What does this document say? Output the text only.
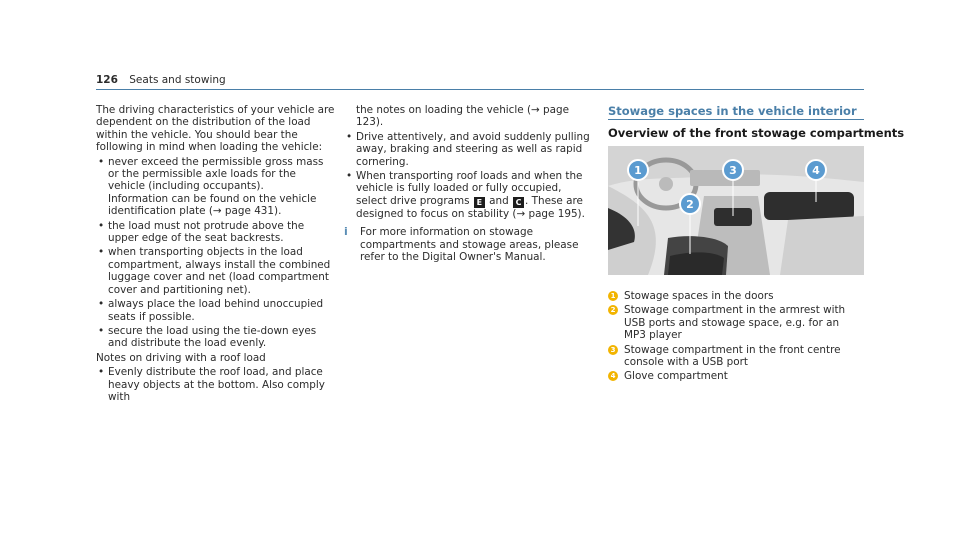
126 Seats and stowing

The driving characteristics of your vehicle are dependent on the distribution of the load within the vehicle. You should bear the following in mind when loading the vehicle:

• never exceed the permissible gross mass or the permissible axle loads for the vehicle (including occupants).
Information can be found on the vehicle identification plate (→ page 431).
• the load must not protrude above the upper edge of the seat backrests.
• when transporting objects in the load compartment, always install the combined luggage cover and net (load compartment cover and partitioning net).
• always place the load behind unoccupied seats if possible.
• secure the load using the tie-down eyes and distribute the load evenly.

Notes on driving with a roof load

• Evenly distribute the roof load, and place heavy objects at the bottom. Also comply with

the notes on loading the vehicle (→ page 123).

• Drive attentively, and avoid suddenly pulling away, braking and steering as well as rapid cornering.
• When transporting roof loads and when the vehicle is fully loaded or fully occupied, select drive programs E and C . These are designed to focus on stability (→ page 195).
i For more information on stowage compartments and stowage areas, please refer to the Digital Owner's Manual.
Stowage spaces in the vehicle interior
Overview of the front stowage compartments
1
2
3	4
1 Stowage spaces in the doors
2 Stowage compartment in the armrest with USB ports and stowage space, e.g. for an MP3 player
3 Stowage compartment in the front centre console with a USB port
4 Glove compartment
